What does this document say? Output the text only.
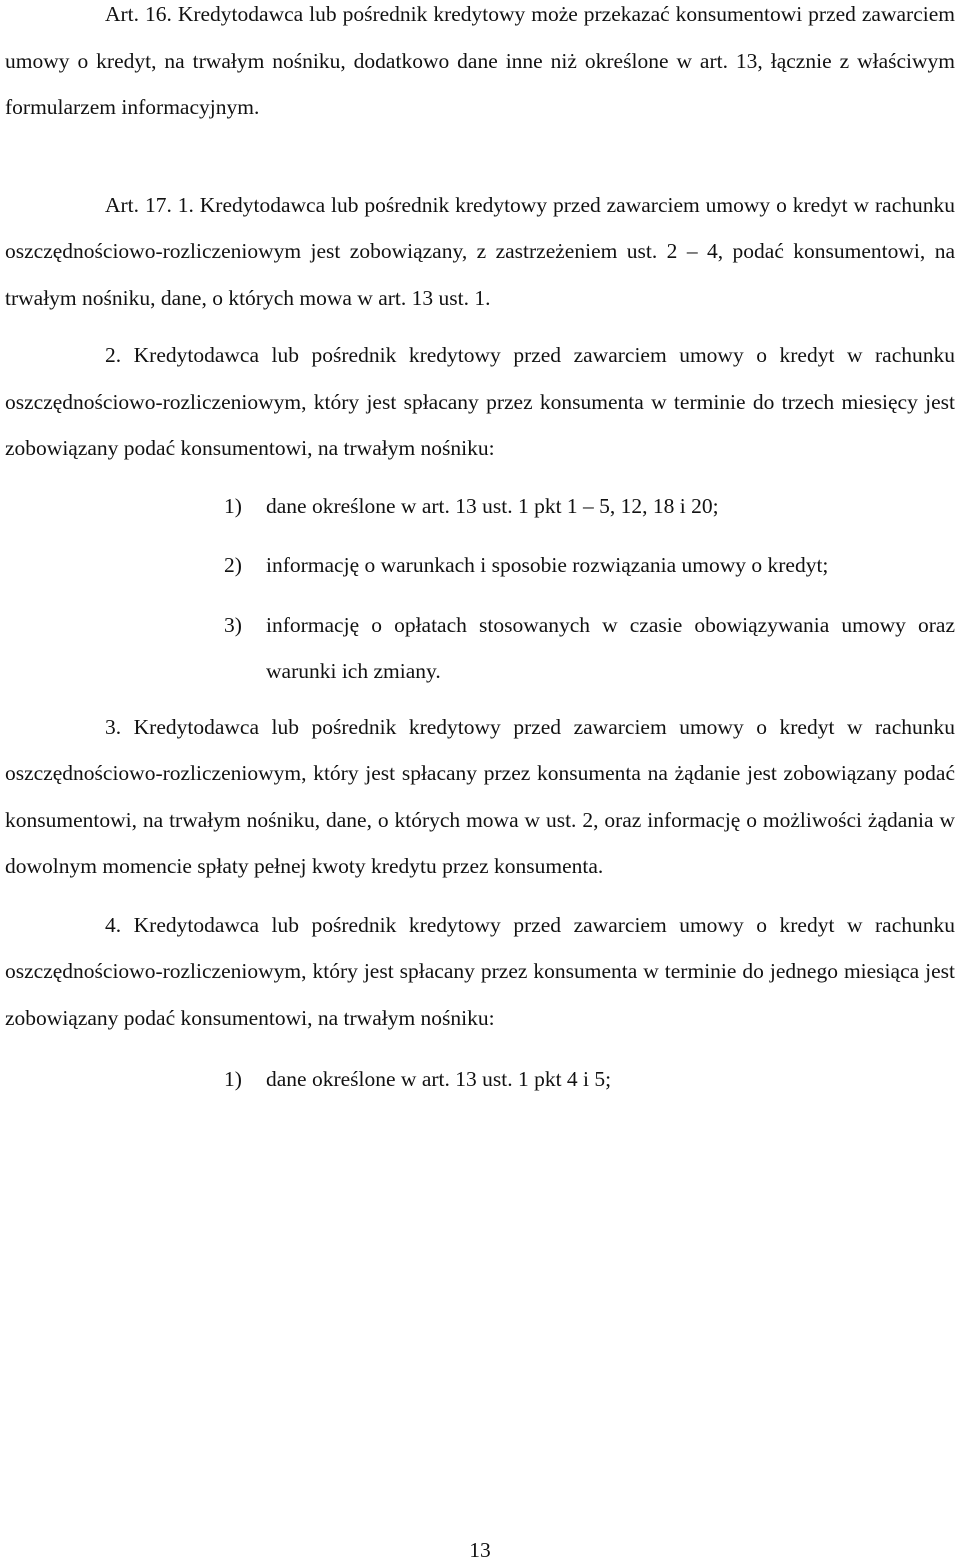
Art. 16. Kredytodawca lub pośrednik kredytowy może przekazać konsumentowi przed zawarciem umowy o kredyt, na trwałym nośniku, dodatkowo dane inne niż określone w art. 13, łącznie z właściwym formularzem informacyjnym.

Art. 17. 1. Kredytodawca lub pośrednik kredytowy przed zawarciem umowy o kredyt w rachunku oszczędnościowo-rozliczeniowym jest zobowiązany, z zastrzeżeniem ust. 2 – 4, podać konsumentowi, na trwałym nośniku, dane, o których mowa w art. 13 ust. 1.

2. Kredytodawca lub pośrednik kredytowy przed zawarciem umowy o kredyt w rachunku oszczędnościowo-rozliczeniowym, który jest spłacany przez konsumenta w terminie do trzech miesięcy jest zobowiązany podać konsumentowi, na trwałym nośniku:

1)	dane określone w art. 13 ust. 1 pkt 1 – 5, 12, 18 i 20;
2)	informację o warunkach i sposobie rozwiązania umowy o kredyt;
3)	informację o opłatach stosowanych w czasie obowiązywania umowy oraz warunki ich zmiany.

3. Kredytodawca lub pośrednik kredytowy przed zawarciem umowy o kredyt w rachunku oszczędnościowo-rozliczeniowym, który jest spłacany przez konsumenta na żądanie jest zobowiązany podać konsumentowi, na trwałym nośniku, dane, o których mowa w ust. 2, oraz informację o możliwości żądania w dowolnym momencie spłaty pełnej kwoty kredytu przez konsumenta.

4. Kredytodawca lub pośrednik kredytowy przed zawarciem umowy o kredyt w rachunku oszczędnościowo-rozliczeniowym, który jest spłacany przez konsumenta w terminie do jednego miesiąca jest zobowiązany podać konsumentowi, na trwałym nośniku:

1)	dane określone w art. 13 ust. 1 pkt 4 i 5;
13
